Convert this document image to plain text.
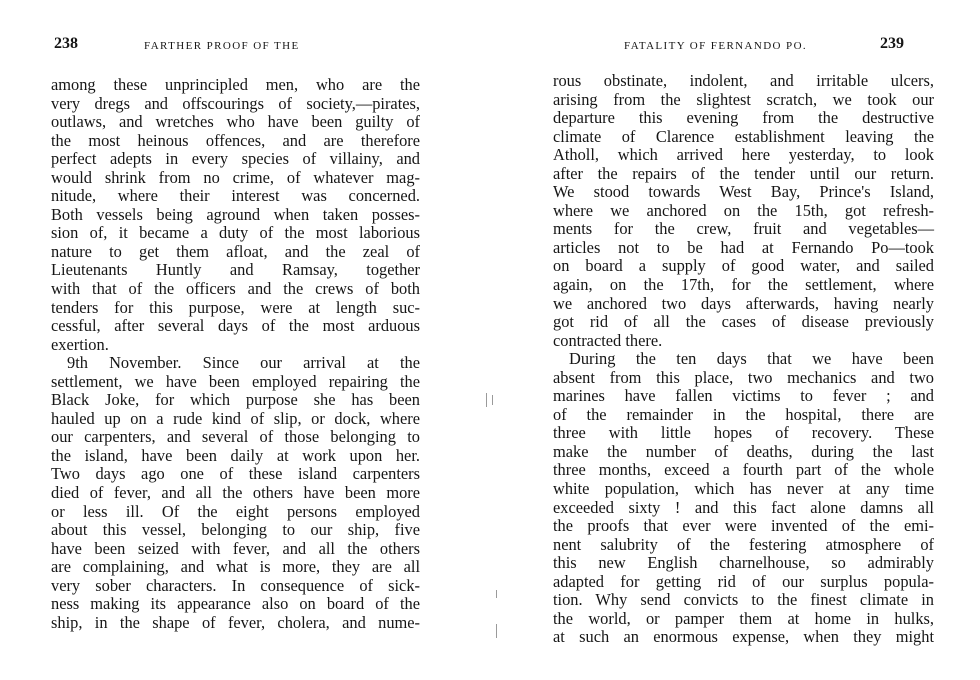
238	FARTHER PROOF OF THE
among these unprincipled men, who are the
very dregs and offscourings of society,—pirates,
outlaws, and wretches who have been guilty of
the most heinous offences, and are therefore
perfect adepts in every species of villainy, and
would shrink from no crime, of whatever mag-
nitude, where their interest was concerned.
Both vessels being aground when taken posses-
sion of, it became a duty of the most laborious
nature to get them afloat, and the zeal of
Lieutenants Huntly and Ramsay, together
with that of the officers and the crews of both
tenders for this purpose, were at length suc-
cessful, after several days of the most arduous
exertion.
9th November. Since our arrival at the
settlement, we have been employed repairing the
Black Joke, for which purpose she has been
hauled up on a rude kind of slip, or dock, where
our carpenters, and several of those belonging to
the island, have been daily at work upon her.
Two days ago one of these island carpenters
died of fever, and all the others have been more
or less ill. Of the eight persons employed
about this vessel, belonging to our ship, five
have been seized with fever, and all the others
are complaining, and what is more, they are all
very sober characters. In consequence of sick-
ness making its appearance also on board of the
ship, in the shape of fever, cholera, and nume-
FATALITY OF FERNANDO PO.	239
rous obstinate, indolent, and irritable ulcers,
arising from the slightest scratch, we took our
departure this evening from the destructive
climate of Clarence establishment leaving the
Atholl, which arrived here yesterday, to look
after the repairs of the tender until our return.
We stood towards West Bay, Prince's Island,
where we anchored on the 15th, got refresh-
ments for the crew, fruit and vegetables—
articles not to be had at Fernando Po—took
on board a supply of good water, and sailed
again, on the 17th, for the settlement, where
we anchored two days afterwards, having nearly
got rid of all the cases of disease previously
contracted there.
During the ten days that we have been
absent from this place, two mechanics and two
marines have fallen victims to fever ; and
of the remainder in the hospital, there are
three with little hopes of recovery. These
make the number of deaths, during the last
three months, exceed a fourth part of the whole
white population, which has never at any time
exceeded sixty ! and this fact alone damns all
the proofs that ever were invented of the emi-
nent salubrity of the festering atmosphere of
this new English charnelhouse, so admirably
adapted for getting rid of our surplus popula-
tion. Why send convicts to the finest climate in
the world, or pamper them at home in hulks,
at such an enormous expense, when they might
